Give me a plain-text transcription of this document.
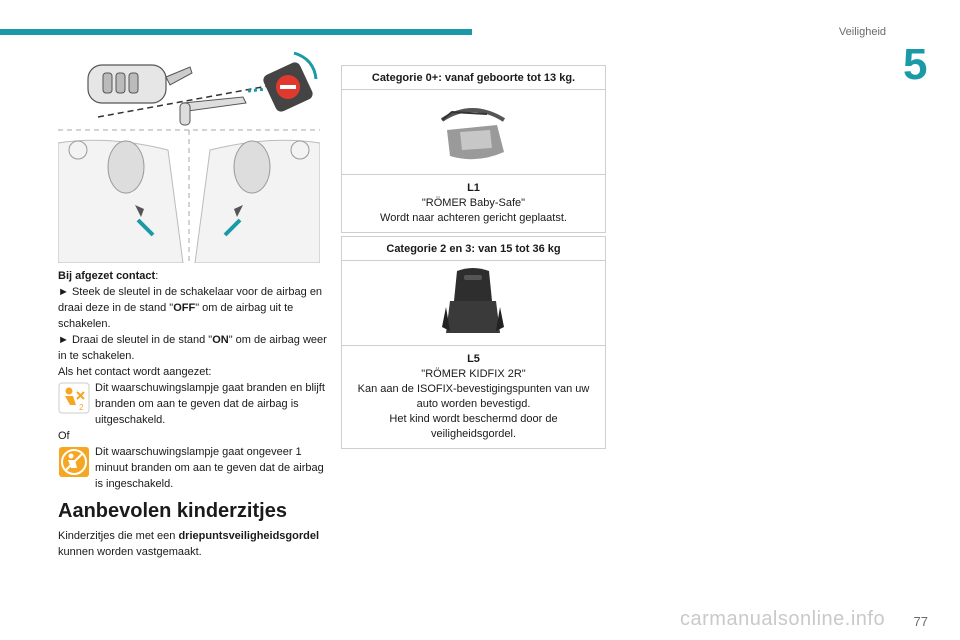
Veiligheid
5

Bij afgezet contact:

► Steek de sleutel in de schakelaar voor de airbag en draai deze in de stand "OFF" om de airbag uit te schakelen.

► Draai de sleutel in de stand "ON" om de airbag weer in te schakelen.

Als het contact wordt aangezet:

2

Dit waarschuwingslampje gaat branden en blijft branden om aan te geven dat de airbag is uitgeschakeld.

Of

Dit waarschuwingslampje gaat ongeveer 1 minuut branden om aan te geven dat de airbag is ingeschakeld.

Aanbevolen kinderzitjes
Kinderzitjes die met een driepuntsveiligheidsgordel kunnen worden vastgemaakt.
Categorie 0+: vanaf geboorte tot 13 kg.
L1
"RÖMER Baby-Safe"
Wordt naar achteren gericht geplaatst.
Categorie 2 en 3: van 15 tot 36 kg
L5
"RÖMER KIDFIX 2R"
Kan aan de ISOFIX-bevestigingspunten van uw auto worden bevestigd.
Het kind wordt beschermd door de veiligheidsgordel.
carmanualsonline.info 77
